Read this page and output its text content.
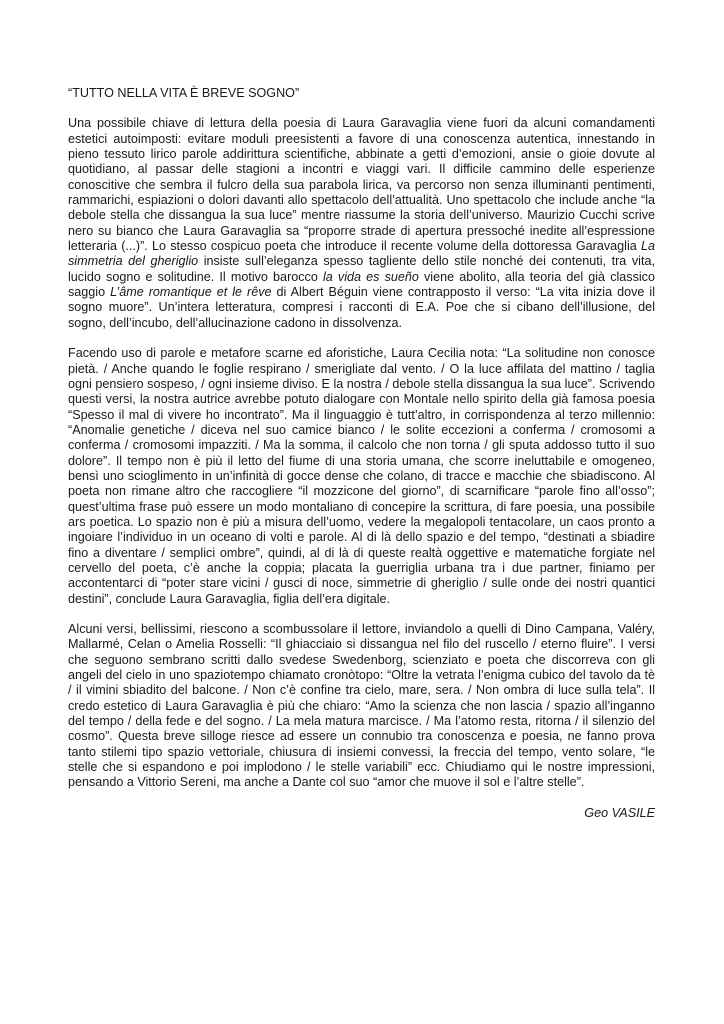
“TUTTO NELLA VITA È BREVE SOGNO”

Una possibile chiave di lettura della poesia di Laura Garavaglia viene fuori da alcuni comandamenti estetici autoimposti: evitare moduli preesistenti a favore di una conoscenza autentica, innestando in pieno tessuto lirico parole addirittura scientifiche, abbinate a getti d’emozioni, ansie o gioie dovute al quotidiano, al passar delle stagioni a incontri e viaggi vari. Il difficile cammino delle esperienze conoscitive che sembra il fulcro della sua parabola lirica, va percorso non senza illuminanti pentimenti, rammarichi, espiazioni o dolori davanti allo spettacolo dell’attualità. Uno spettacolo che include anche “la debole stella che dissangua la sua luce” mentre riassume la storia dell’universo. Maurizio Cucchi scrive nero su bianco che Laura Garavaglia sa “proporre strade di apertura pressoché inedite all’espressione letteraria (...)”. Lo stesso cospicuo poeta che introduce il recente volume della dottoressa Garavaglia La simmetria del gheriglio insiste sull’eleganza spesso tagliente dello stile nonché dei contenuti, tra vita, lucido sogno e solitudine. Il motivo barocco la vida es sueño viene abolito, alla teoria del già classico saggio L’âme romantique et le rêve di Albert Béguin viene contrapposto il verso: “La vita inizia dove il sogno muore”. Un’intera letteratura, compresi i racconti di E.A. Poe che si cibano dell’illusione, del sogno, dell’incubo, dell’allucinazione cadono in dissolvenza.

Facendo uso di parole e metafore scarne ed aforistiche, Laura Cecilia nota: “La solitudine non conosce pietà. / Anche quando le foglie respirano / smerigliate dal vento. / O la luce affilata del mattino / taglia ogni pensiero sospeso, / ogni insieme diviso. E la nostra / debole stella dissangua la sua luce”. Scrivendo questi versi, la nostra autrice avrebbe potuto dialogare con Montale nello spirito della già famosa poesia “Spesso il mal di vivere ho incontrato”. Ma il linguaggio è tutt’altro, in corrispondenza al terzo millennio: “Anomalie genetiche / diceva nel suo camice bianco / le solite eccezioni a conferma / cromosomi a conferma / cromosomi impazziti. / Ma la somma, il calcolo che non torna / gli sputa addosso tutto il suo dolore”. Il tempo non è più il letto del fiume di una storia umana, che scorre ineluttabile e omogeneo, bensì uno scioglimento in un’infinità di gocce dense che colano, di tracce e macchie che sbiadiscono. Al poeta non rimane altro che raccogliere “il mozzicone del giorno”, di scarnificare “parole fino all’osso”; quest’ultima frase può essere un modo montaliano di concepire la scrittura, di fare poesia, una possibile ars poetica. Lo spazio non è più a misura dell’uomo, vedere la megalopoli tentacolare, un caos pronto a ingoiare l’individuo in un oceano di volti e parole. Al di là dello spazio e del tempo, “destinati a sbiadire fino a diventare / semplici ombre”, quindi, al di là di queste realtà oggettive e matematiche forgiate nel cervello del poeta, c’è anche la coppia; placata la guerriglia urbana tra i due partner, finiamo per accontentarci di “poter stare vicini / gusci di noce, simmetrie di gheriglio / sulle onde dei nostri quantici destini”, conclude Laura Garavaglia, figlia dell’era digitale.

Alcuni versi, bellissimi, riescono a scombussolare il lettore, inviandolo a quelli di Dino Campana, Valéry, Mallarmé, Celan o Amelia Rosselli: “Il ghiacciaio si dissangua nel filo del ruscello / eterno fluire”. I versi che seguono sembrano scritti dallo svedese Swedenborg, scienziato e poeta che discorreva con gli angeli del cielo in uno spaziotempo chiamato cronòtopo: “Oltre la vetrata l’enigma cubico del tavolo da tè / il vimini sbiadito del balcone. / Non c’è confine tra cielo, mare, sera. / Non ombra di luce sulla tela”. Il credo estetico di Laura Garavaglia è più che chiaro: “Amo la scienza che non lascia / spazio all’inganno del tempo / della fede e del sogno. / La mela matura marcisce. / Ma l’atomo resta, ritorna / il silenzio del cosmo”. Questa breve silloge riesce ad essere un connubio tra conoscenza e poesia, ne fanno prova tanto stilemi tipo spazio vettoriale, chiusura di insiemi convessi, la freccia del tempo, vento solare, “le stelle che si espandono e poi implodono / le stelle variabili” ecc. Chiudiamo qui le nostre impressioni, pensando a Vittorio Sereni, ma anche a Dante col suo “amor che muove il sol e l’altre stelle”.

Geo VASILE
